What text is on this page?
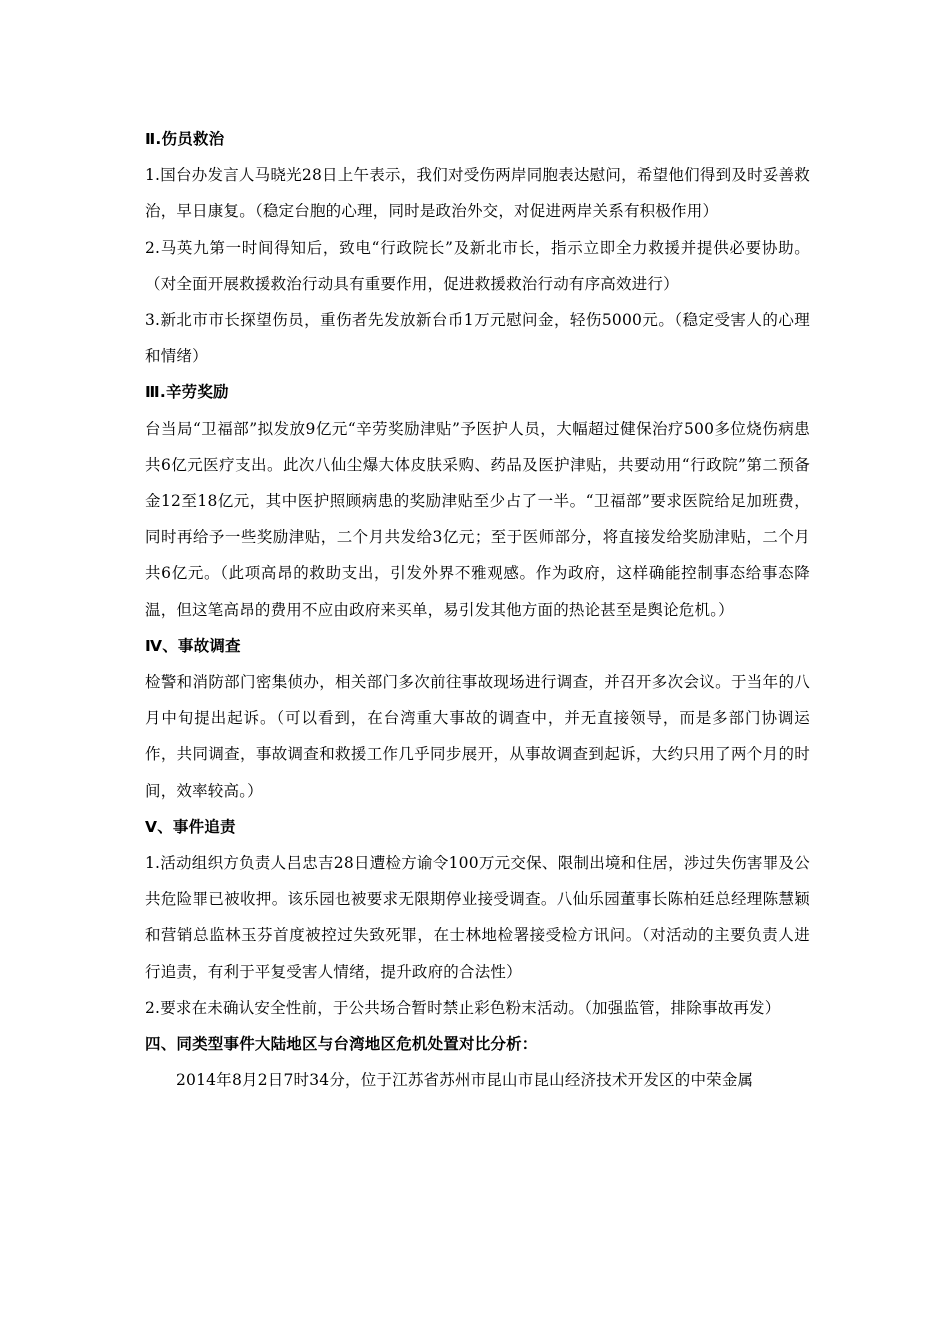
Ⅱ.伤员救治
1.国台办发言人马晓光28日上午表示，我们对受伤两岸同胞表达慰问，希望他们得到及时妥善救治，早日康复。（稳定台胞的心理，同时是政治外交，对促进两岸关系有积极作用）
2.马英九第一时间得知后，致电“行政院长”及新北市长，指示立即全力救援并提供必要协助。（对全面开展救援救治行动具有重要作用，促进救援救治行动有序高效进行）
3.新北市市长探望伤员，重伤者先发放新台币1万元慰问金，轻伤5000元。（稳定受害人的心理和情绪）
Ⅲ.辛劳奖励
台当局“卫福部”拟发放9亿元“辛劳奖励津贴”予医护人员，大幅超过健保治疗500多位烧伤病患共6亿元医疗支出。此次八仙尘爆大体皮肤采购、药品及医护津贴，共要动用“行政院”第二预备金12至18亿元，其中医护照顾病患的奖励津贴至少占了一半。“卫福部”要求医院给足加班费，同时再给予一些奖励津贴，二个月共发给3亿元；至于医师部分，将直接发给奖励津贴，二个月共6亿元。（此项高昂的救助支出，引发外界不雅观感。作为政府，这样确能控制事态给事态降温，但这笔高昂的费用不应由政府来买单，易引发其他方面的热论甚至是舆论危机。）
Ⅳ、事故调查
检警和消防部门密集侦办，相关部门多次前往事故现场进行调查，并召开多次会议。于当年的八月中旬提出起诉。（可以看到，在台湾重大事故的调查中，并无直接领导，而是多部门协调运作，共同调查，事故调查和救援工作几乎同步展开，从事故调查到起诉，大约只用了两个月的时间，效率较高。）
Ⅴ、事件追责
1.活动组织方负责人吕忠吉28日遭检方谕令100万元交保、限制出境和住居，涉过失伤害罪及公共危险罪已被收押。该乐园也被要求无限期停业接受调查。八仙乐园董事长陈柏廷总经理陈慧颖和营销总监林玉芬首度被控过失致死罪，在士林地检署接受检方讯问。（对活动的主要负责人进行追责，有利于平复受害人情绪，提升政府的合法性）
2.要求在未确认安全性前，于公共场合暂时禁止彩色粉末活动。（加强监管，排除事故再发）
四、同类型事件大陆地区与台湾地区危机处置对比分析：
2014年8月2日7时34分，位于江苏省苏州市昆山市昆山经济技术开发区的中荣金属
